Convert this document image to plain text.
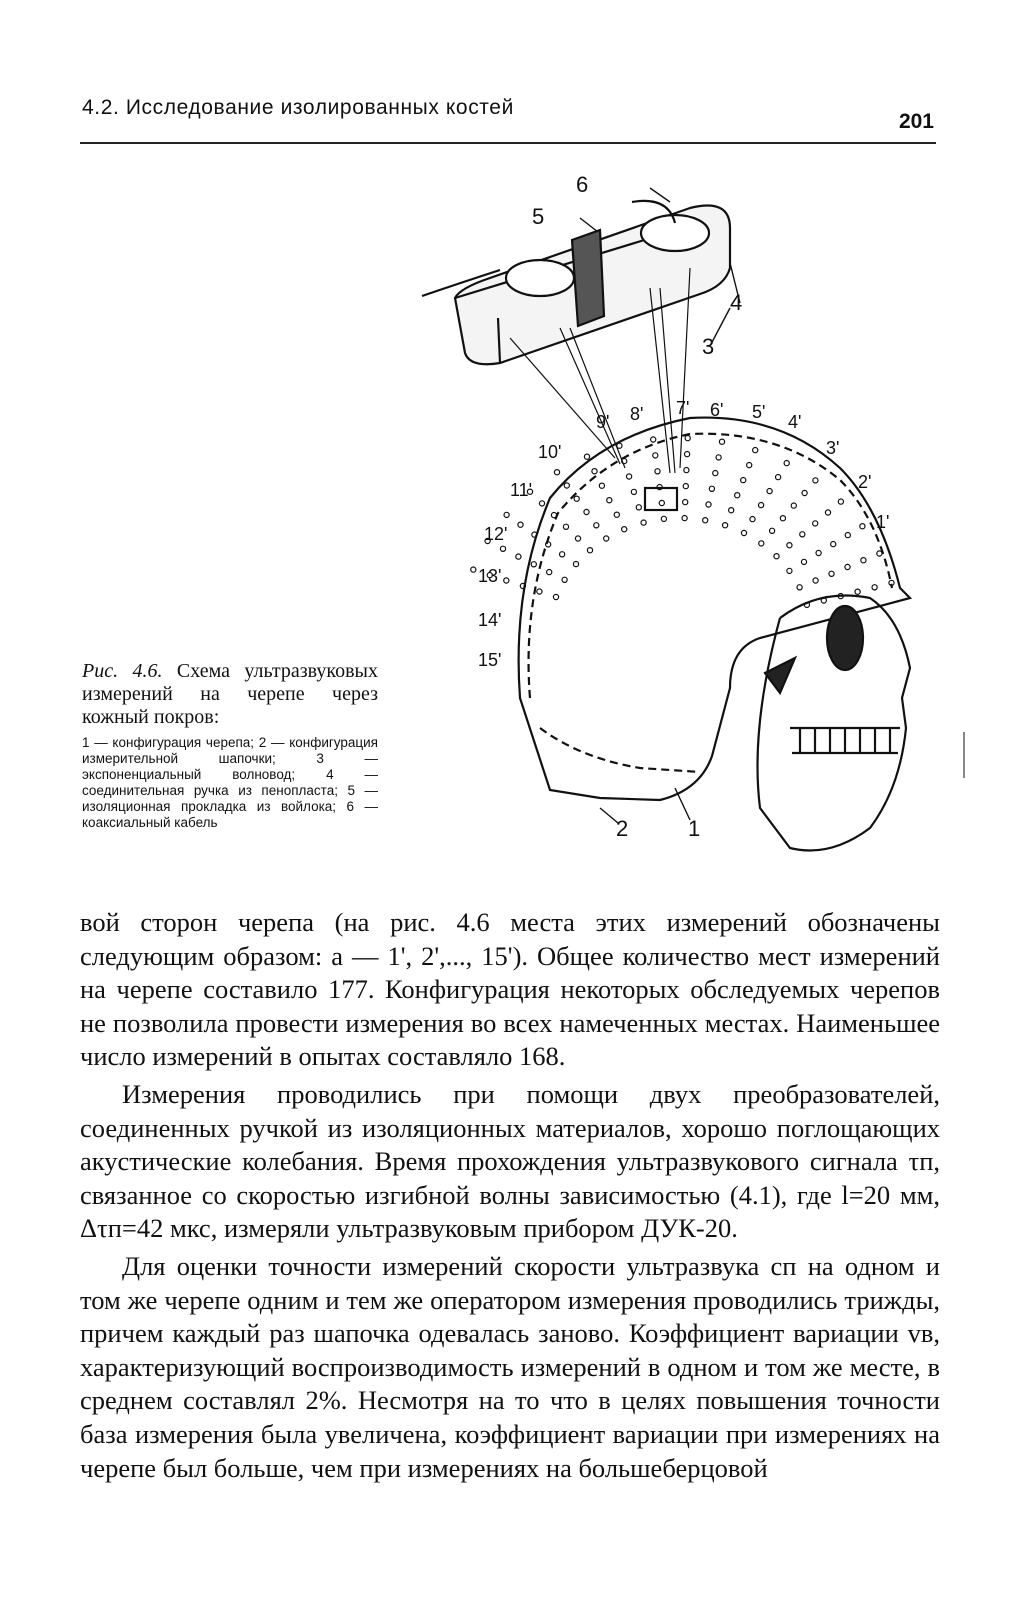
4.2. Исследование изолированных костей
201
1
2
3
4
5
6
9' 8' 7' 6' 5' 4'
3'
2'
1'
10'
11'
12'
13'
14'
15'
Рис. 4.6. Схема ультразвуковых измерений на черепе через кожный покров:
1 — конфигурация черепа; 2 — конфигурация измерительной шапочки; 3 — экспоненциальный волновод; 4 — соединительная ручка из пенопласта; 5 — изоляционная прокладка из войлока; 6 — коаксиальный кабель

вой сторон черепа (на рис. 4.6 места этих измерений обозначены следующим образом: а — 1', 2',..., 15'). Общее количество мест измерений на черепе составило 177. Конфигурация некоторых обследуемых черепов не позволила провести измерения во всех намеченных местах. Наименьшее число измерений в опытах составляло 168.

Измерения проводились при помощи двух преобразователей, соединенных ручкой из изоляционных материалов, хорошо поглощающих акустические колебания. Время прохождения ультразвукового сигнала τп, связанное со скоростью изгибной волны зависимостью (4.1), где l=20 мм, Δτп=42 мкс, измеряли ультразвуковым прибором ДУК-20.

Для оценки точности измерений скорости ультразвука cп на одном и том же черепе одним и тем же оператором измерения проводились трижды, причем каждый раз шапочка одевалась заново. Коэффициент вариации vв, характеризующий воспроизводимость измерений в одном и том же месте, в среднем составлял 2%. Несмотря на то что в целях повышения точности база измерения была увеличена, коэффициент вариации при измерениях на черепе был больше, чем при измерениях на большеберцовой
